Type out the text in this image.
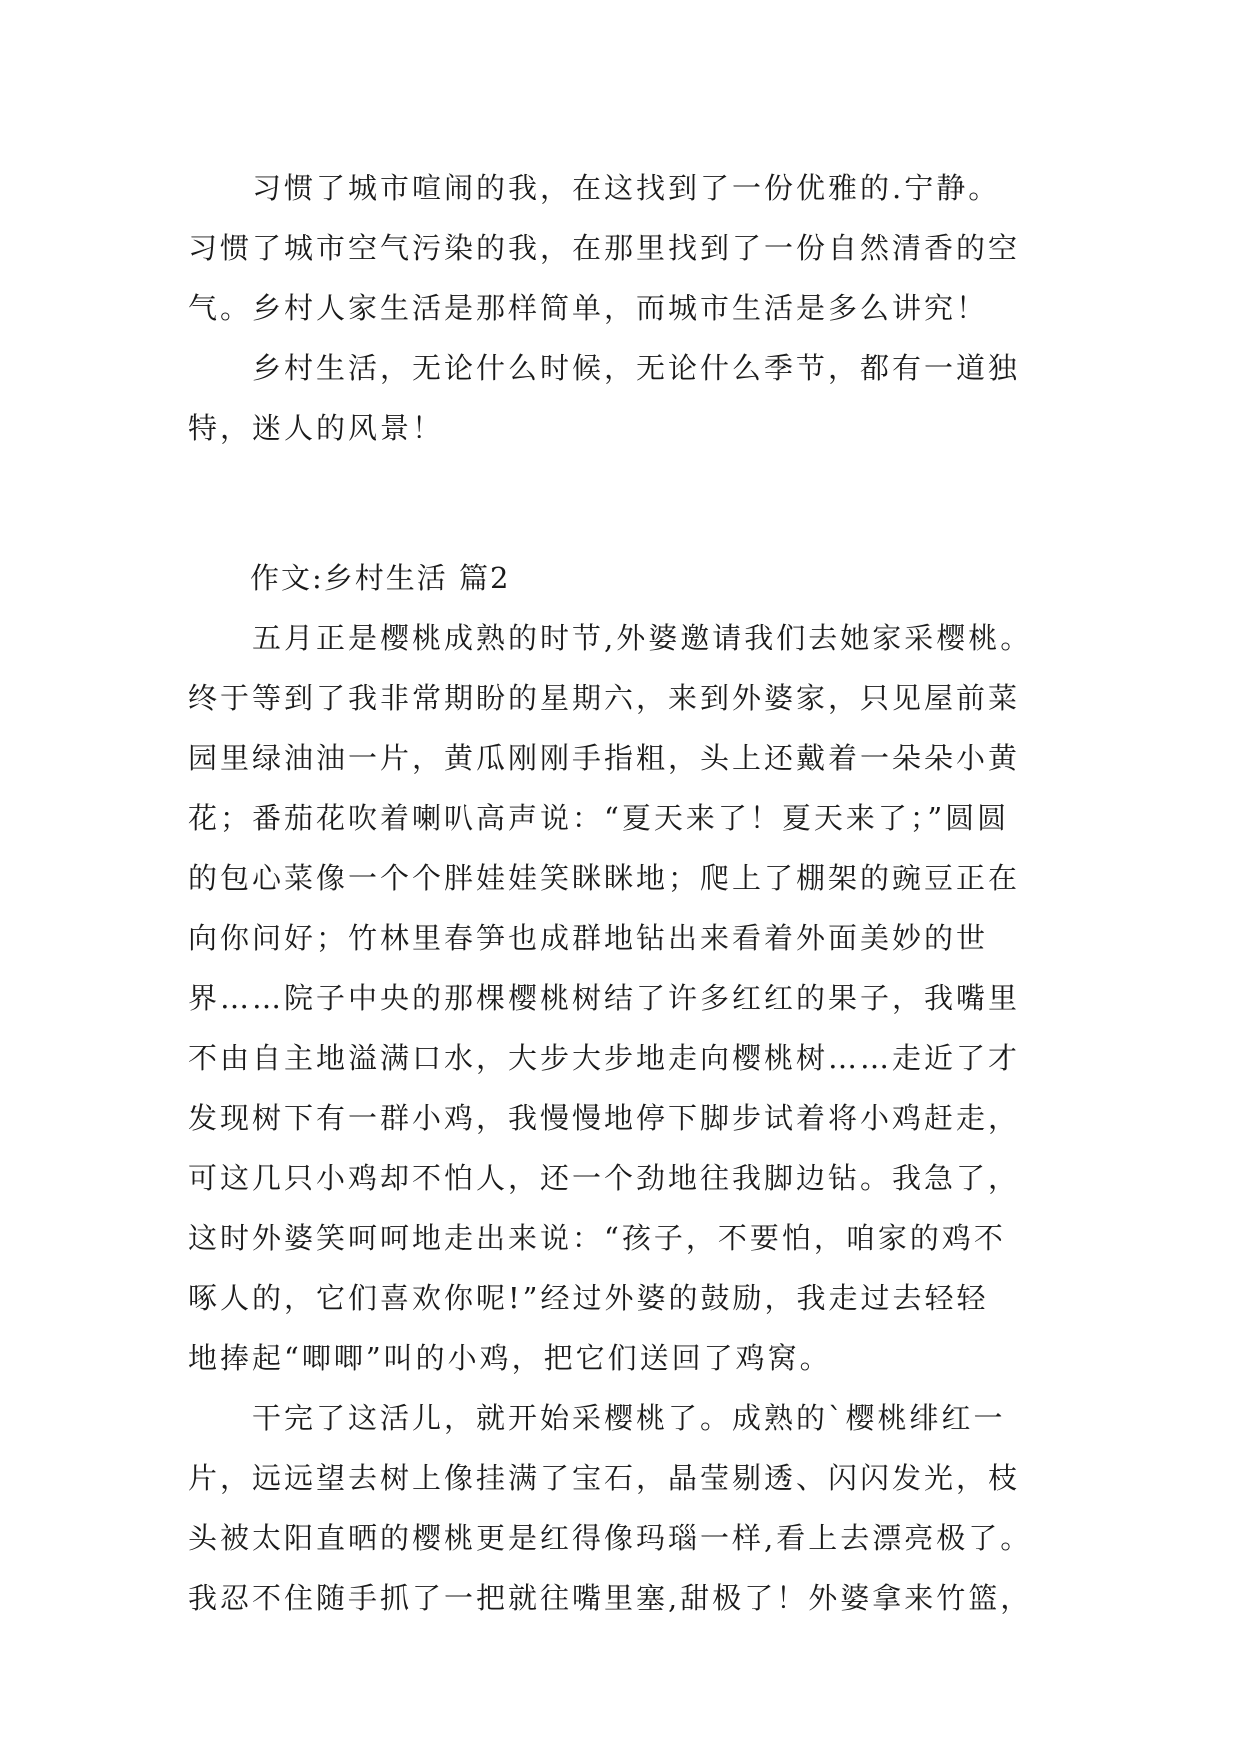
　　习惯了城市喧闹的我，在这找到了一份优雅的.宁静。
习惯了城市空气污染的我，在那里找到了一份自然清香的空
气。乡村人家生活是那样简单，而城市生活是多么讲究！

　　乡村生活，无论什么时候，无论什么季节，都有一道独
特，迷人的风景！

　　作文:乡村生活 篇2

　　五月正是樱桃成熟的时节,外婆邀请我们去她家采樱桃。
终于等到了我非常期盼的星期六，来到外婆家，只见屋前菜
园里绿油油一片，黄瓜刚刚手指粗，头上还戴着一朵朵小黄
花；番茄花吹着喇叭高声说：“夏天来了！夏天来了；”圆圆
的包心菜像一个个胖娃娃笑眯眯地；爬上了棚架的豌豆正在
向你问好；竹林里春笋也成群地钻出来看着外面美妙的世
界……院子中央的那棵樱桃树结了许多红红的果子，我嘴里
不由自主地溢满口水，大步大步地走向樱桃树……走近了才
发现树下有一群小鸡，我慢慢地停下脚步试着将小鸡赶走，
可这几只小鸡却不怕人，还一个劲地往我脚边钻。我急了，
这时外婆笑呵呵地走出来说：“孩子，不要怕，咱家的鸡不
啄人的，它们喜欢你呢!”经过外婆的鼓励，我走过去轻轻
地捧起“唧唧”叫的小鸡，把它们送回了鸡窝。

　　干完了这活儿，就开始采樱桃了。成熟的`樱桃绯红一
片，远远望去树上像挂满了宝石，晶莹剔透、闪闪发光，枝
头被太阳直晒的樱桃更是红得像玛瑙一样,看上去漂亮极了。
我忍不住随手抓了一把就往嘴里塞,甜极了！外婆拿来竹篮，
